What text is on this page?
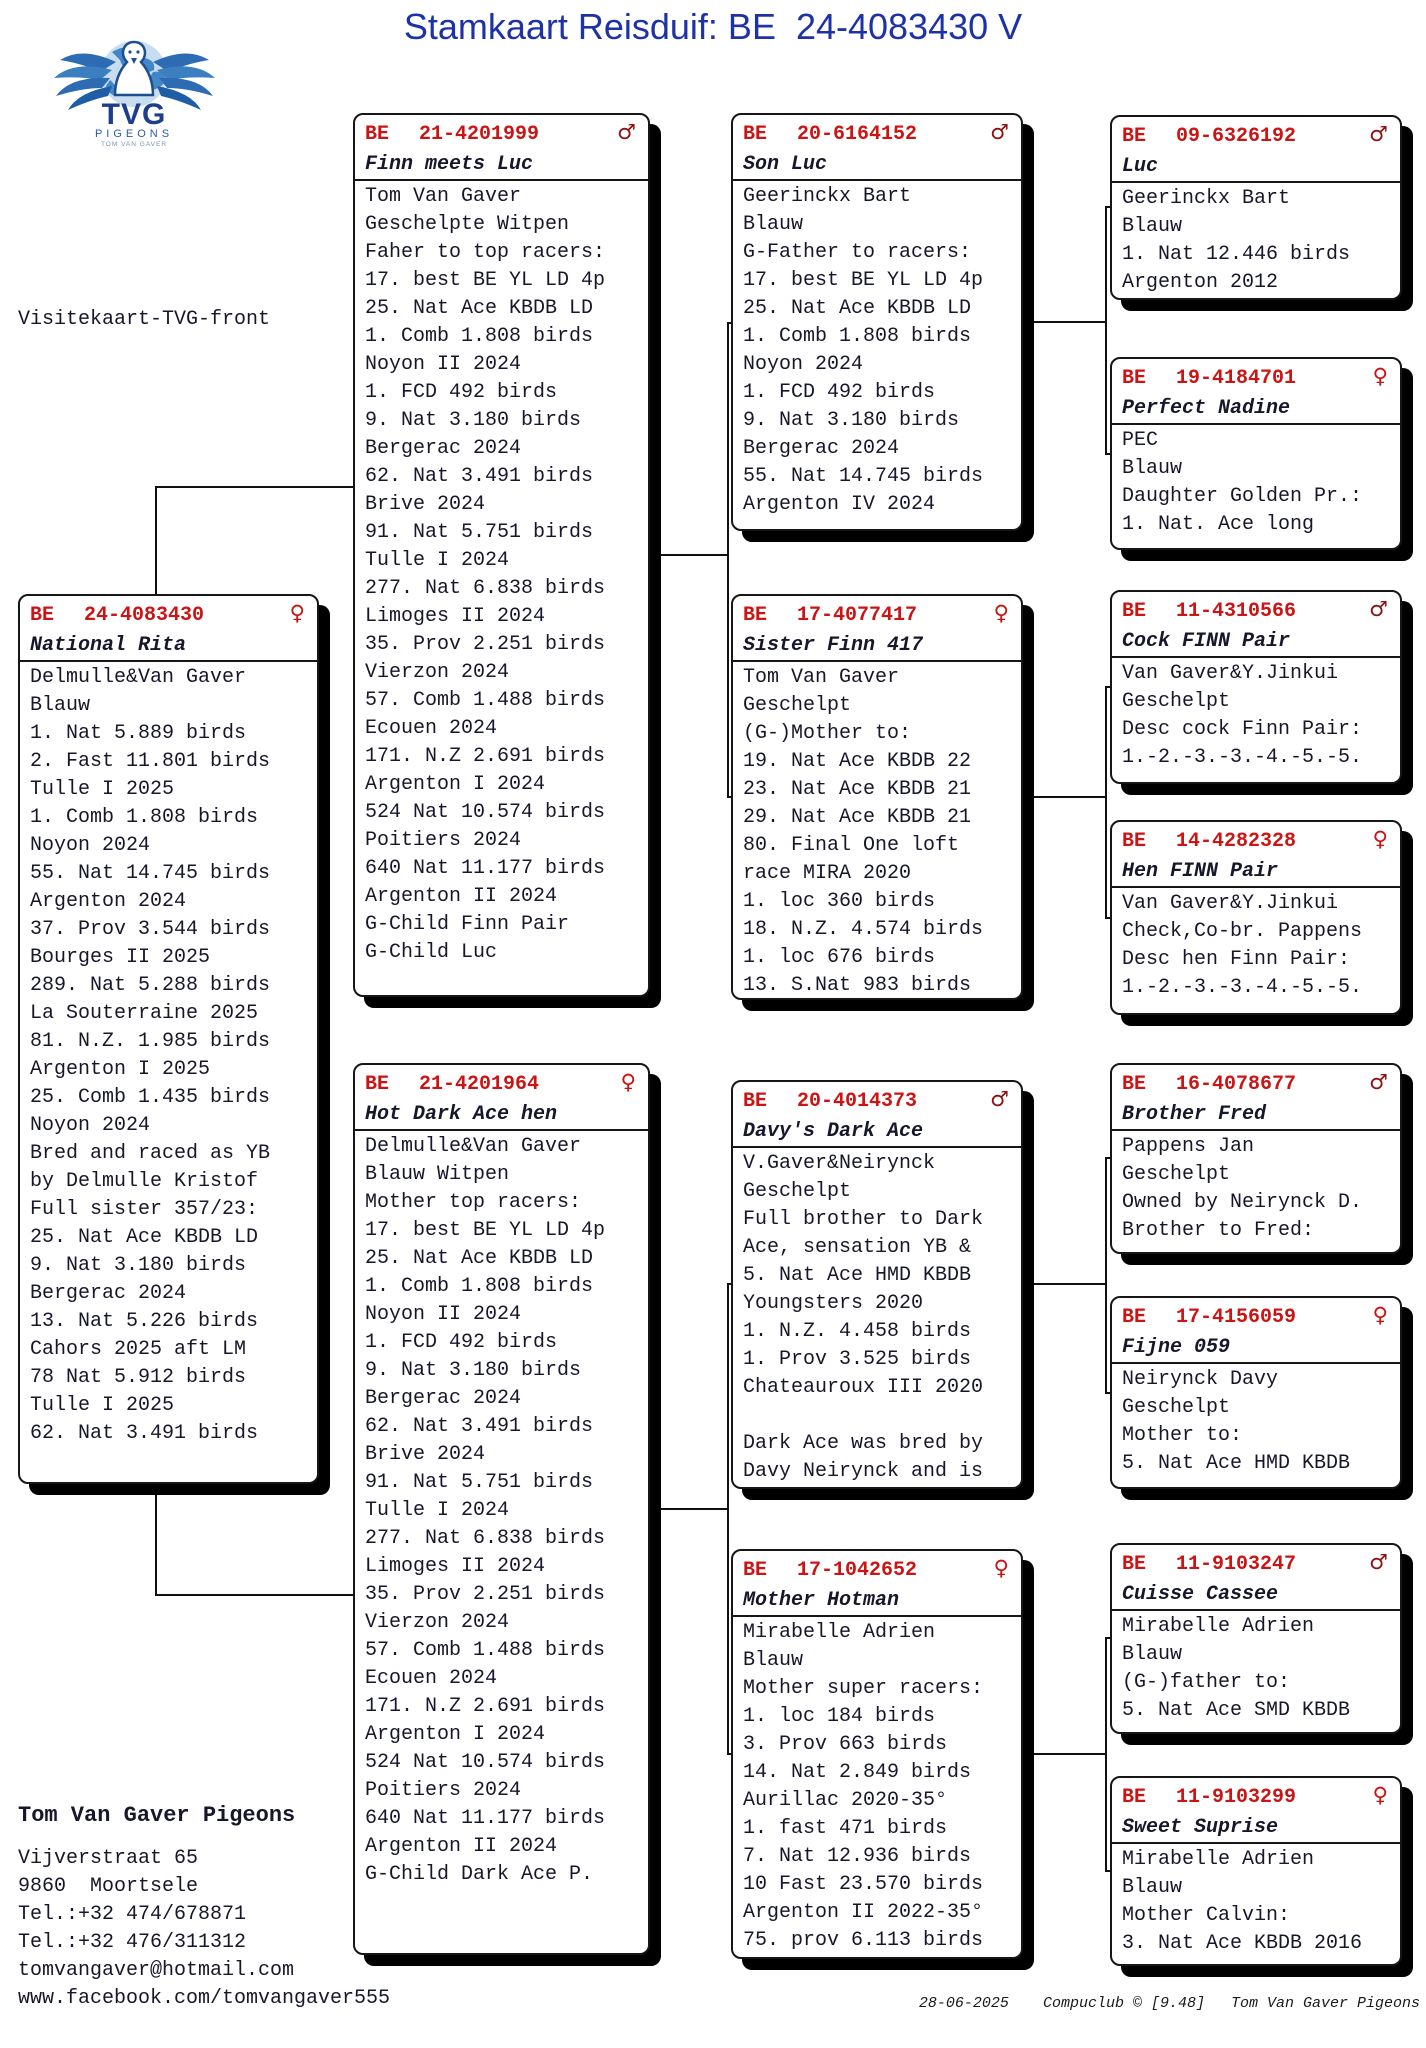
Stamkaart Reisduif: BE  24-4083430 V
TVG
PIGEONS
TOM VAN GAVER
Visitekaart-TVG-front
BE 24-4083430	♀
National Rita
Delmulle&Van Gaver
Blauw
1. Nat 5.889 birds
2. Fast 11.801 birds
Tulle I 2025
1. Comb 1.808 birds
Noyon 2024
55. Nat 14.745 birds
Argenton 2024
37. Prov 3.544 birds
Bourges II 2025
289. Nat 5.288 birds
La Souterraine 2025
81. N.Z. 1.985 birds
Argenton I 2025
25. Comb 1.435 birds
Noyon 2024
Bred and raced as YB
by Delmulle Kristof
Full sister 357/23:
25. Nat Ace KBDB LD
9. Nat 3.180 birds
Bergerac 2024
13. Nat 5.226 birds
Cahors 2025 aft LM
78 Nat 5.912 birds
Tulle I 2025
62. Nat 3.491 birds
BE 21-4201999	♂
Finn meets Luc
Tom Van Gaver
Geschelpte Witpen
Faher to top racers:
17. best BE YL LD 4p
25. Nat Ace KBDB LD
1. Comb 1.808 birds
Noyon II 2024
1. FCD 492 birds
9. Nat 3.180 birds
Bergerac 2024
62. Nat 3.491 birds
Brive 2024
91. Nat 5.751 birds
Tulle I 2024
277. Nat 6.838 birds
Limoges II 2024
35. Prov 2.251 birds
Vierzon 2024
57. Comb 1.488 birds
Ecouen 2024
171. N.Z 2.691 birds
Argenton I 2024
524 Nat 10.574 birds
Poitiers 2024
640 Nat 11.177 birds
Argenton II 2024
G-Child Finn Pair
G-Child Luc
BE 21-4201964	♀
Hot Dark Ace hen
Delmulle&Van Gaver
Blauw Witpen
Mother top racers:
17. best BE YL LD 4p
25. Nat Ace KBDB LD
1. Comb 1.808 birds
Noyon II 2024
1. FCD 492 birds
9. Nat 3.180 birds
Bergerac 2024
62. Nat 3.491 birds
Brive 2024
91. Nat 5.751 birds
Tulle I 2024
277. Nat 6.838 birds
Limoges II 2024
35. Prov 2.251 birds
Vierzon 2024
57. Comb 1.488 birds
Ecouen 2024
171. N.Z 2.691 birds
Argenton I 2024
524 Nat 10.574 birds
Poitiers 2024
640 Nat 11.177 birds
Argenton II 2024
G-Child Dark Ace P.
BE 20-6164152	♂
Son Luc
Geerinckx Bart
Blauw
G-Father to racers:
17. best BE YL LD 4p
25. Nat Ace KBDB LD
1. Comb 1.808 birds
Noyon 2024
1. FCD 492 birds
9. Nat 3.180 birds
Bergerac 2024
55. Nat 14.745 birds
Argenton IV 2024
BE 17-4077417	♀
Sister Finn 417
Tom Van Gaver
Geschelpt
(G-)Mother to:
19. Nat Ace KBDB 22
23. Nat Ace KBDB 21
29. Nat Ace KBDB 21
80. Final One loft
race MIRA 2020
1. loc 360 birds
18. N.Z. 4.574 birds
1. loc 676 birds
13. S.Nat 983 birds
BE 20-4014373	♂
Davy's Dark Ace
V.Gaver&Neirynck
Geschelpt
Full brother to Dark
Ace, sensation YB &
5. Nat Ace HMD KBDB
Youngsters 2020
1. N.Z. 4.458 birds
1. Prov 3.525 birds
Chateauroux III 2020
Dark Ace was bred by
Davy Neirynck and is
BE 17-1042652	♀
Mother Hotman
Mirabelle Adrien
Blauw
Mother super racers:
1. loc 184 birds
3. Prov 663 birds
14. Nat 2.849 birds
Aurillac 2020-35°
1. fast 471 birds
7. Nat 12.936 birds
10 Fast 23.570 birds
Argenton II 2022-35°
75. prov 6.113 birds
BE 09-6326192	♂
Luc
Geerinckx Bart
Blauw
1. Nat 12.446 birds
Argenton 2012
BE 19-4184701	♀
Perfect Nadine
PEC
Blauw
Daughter Golden Pr.:
1. Nat. Ace long
BE 11-4310566	♂
Cock FINN Pair
Van Gaver&Y.Jinkui
Geschelpt
Desc cock Finn Pair:
1.-2.-3.-3.-4.-5.-5.
BE 14-4282328	♀
Hen FINN Pair
Van Gaver&Y.Jinkui
Check,Co-br. Pappens
Desc hen Finn Pair:
1.-2.-3.-3.-4.-5.-5.
BE 16-4078677	♂
Brother Fred
Pappens Jan
Geschelpt
Owned by Neirynck D.
Brother to Fred:
BE 17-4156059	♀
Fijne 059
Neirynck Davy
Geschelpt
Mother to:
5. Nat Ace HMD KBDB
BE 11-9103247	♂
Cuisse Cassee
Mirabelle Adrien
Blauw
(G-)father to:
5. Nat Ace SMD KBDB
BE 11-9103299	♀
Sweet Suprise
Mirabelle Adrien
Blauw
Mother Calvin:
3. Nat Ace KBDB 2016
Tom Van Gaver Pigeons
Vijverstraat 65
9860  Moortsele
Tel.:+32 474/678871
Tel.:+32 476/311312
tomvangaver@hotmail.com
www.facebook.com/tomvangaver555	28-06-2025 Compuclub © [9.48] Tom Van Gaver Pigeons
